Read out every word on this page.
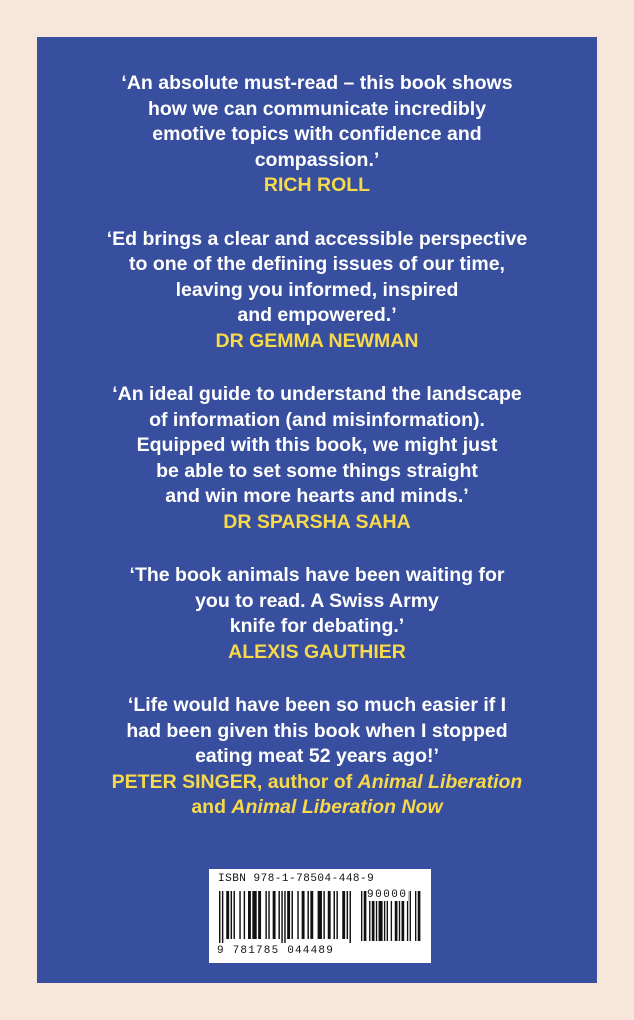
‘An absolute must-read – this book shows
how we can communicate incredibly
emotive topics with confidence and
compassion.’
RICH ROLL
‘Ed brings a clear and accessible perspective
to one of the defining issues of our time,
leaving you informed, inspired
and empowered.’
DR GEMMA NEWMAN
‘An ideal guide to understand the landscape
of information (and misinformation).
Equipped with this book, we might just
be able to set some things straight
and win more hearts and minds.’
DR SPARSHA SAHA
‘The book animals have been waiting for
you to read. A Swiss Army
knife for debating.’
ALEXIS GAUTHIER
‘Life would have been so much easier if I
had been given this book when I stopped
eating meat 52 years ago!’
PETER SINGER, author of Animal Liberation
and Animal Liberation Now
ISBN 978-1-78504-448-9
90000
9 781785 044489
